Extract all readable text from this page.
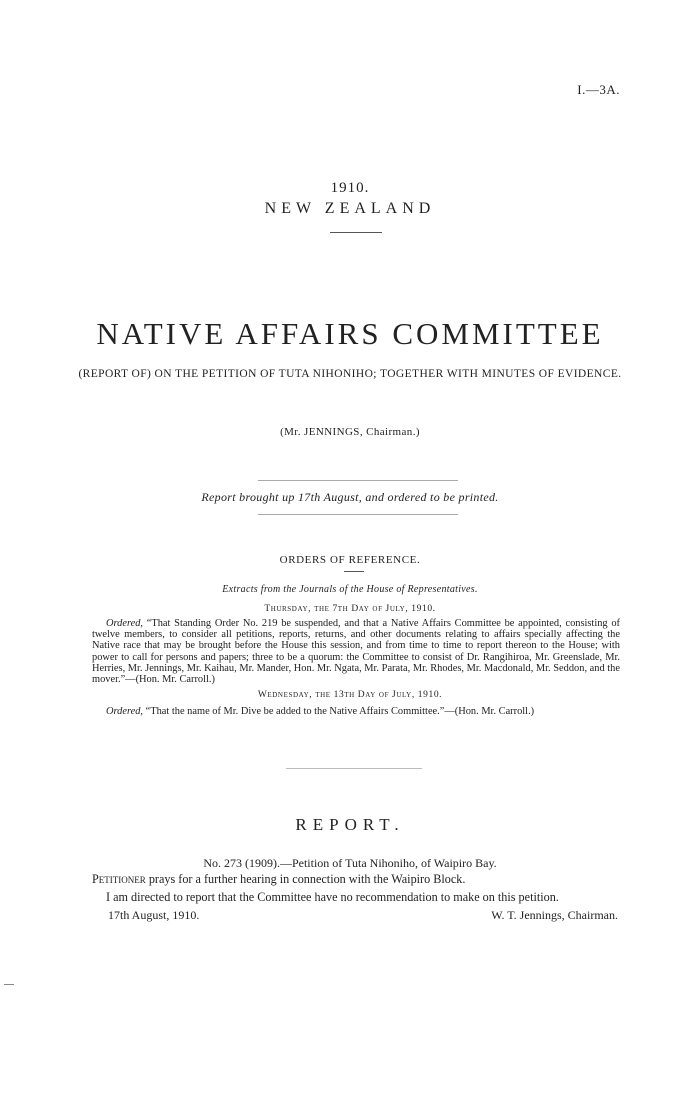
I.—3A.
1910.
NEW ZEALAND
NATIVE AFFAIRS COMMITTEE
(REPORT OF) ON THE PETITION OF TUTA NIHONIHO; TOGETHER WITH MINUTES OF EVIDENCE.
(Mr. JENNINGS, Chairman.)
Report brought up 17th August, and ordered to be printed.
ORDERS OF REFERENCE.
Extracts from the Journals of the House of Representatives.
Thursday, the 7th Day of July, 1910.
Ordered, “That Standing Order No. 219 be suspended, and that a Native Affairs Committee be appointed, consisting of twelve members, to consider all petitions, reports, returns, and other documents relating to affairs specially affecting the Native race that may be brought before the House this session, and from time to time to report thereon to the House; with power to call for persons and papers; three to be a quorum: the Committee to consist of Dr. Rangihiroa, Mr. Greenslade, Mr. Herries, Mr. Jennings, Mr. Kaihau, Mr. Mander, Hon. Mr. Ngata, Mr. Parata, Mr. Rhodes, Mr. Macdonald, Mr. Seddon, and the mover.”—(Hon. Mr. Carroll.)
Wednesday, the 13th Day of July, 1910.
Ordered, “That the name of Mr. Dive be added to the Native Affairs Committee.”—(Hon. Mr. Carroll.)
REPORT.
No. 273 (1909).—Petition of Tuta Nihoniho, of Waipiro Bay.
Petitioner prays for a further hearing in connection with the Waipiro Block.
I am directed to report that the Committee have no recommendation to make on this petition.
17th August, 1910.	W. T. Jennings, Chairman.
